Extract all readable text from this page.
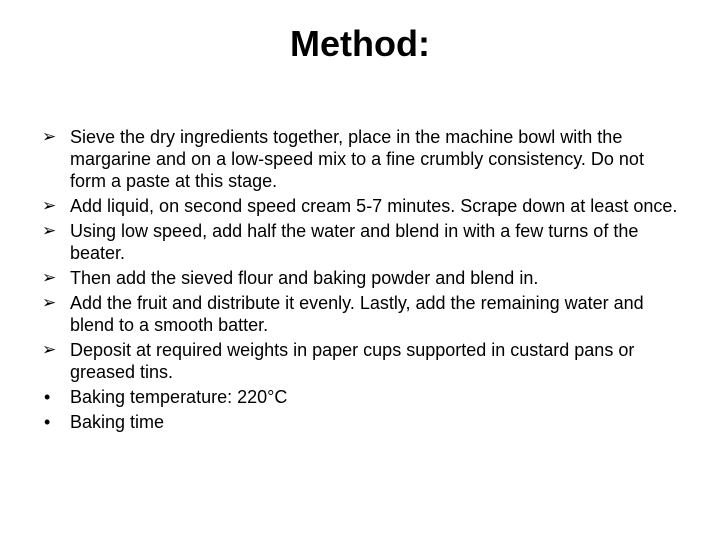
Method:
➢ Sieve the dry ingredients together, place in the machine bowl with the margarine and on a low-speed mix to a fine crumbly consistency. Do not form a paste at this stage.
➢ Add liquid, on second speed cream 5-7 minutes. Scrape down at least once.
➢ Using low speed, add half the water and blend in with a few turns of the beater.
➢ Then add the sieved flour and baking powder and blend in.
➢ Add the fruit and distribute it evenly. Lastly, add the remaining water and blend to a smooth batter.
➢ Deposit at required weights in paper cups supported in custard pans or greased tins.
•	Baking temperature: 220°C
•	Baking time
